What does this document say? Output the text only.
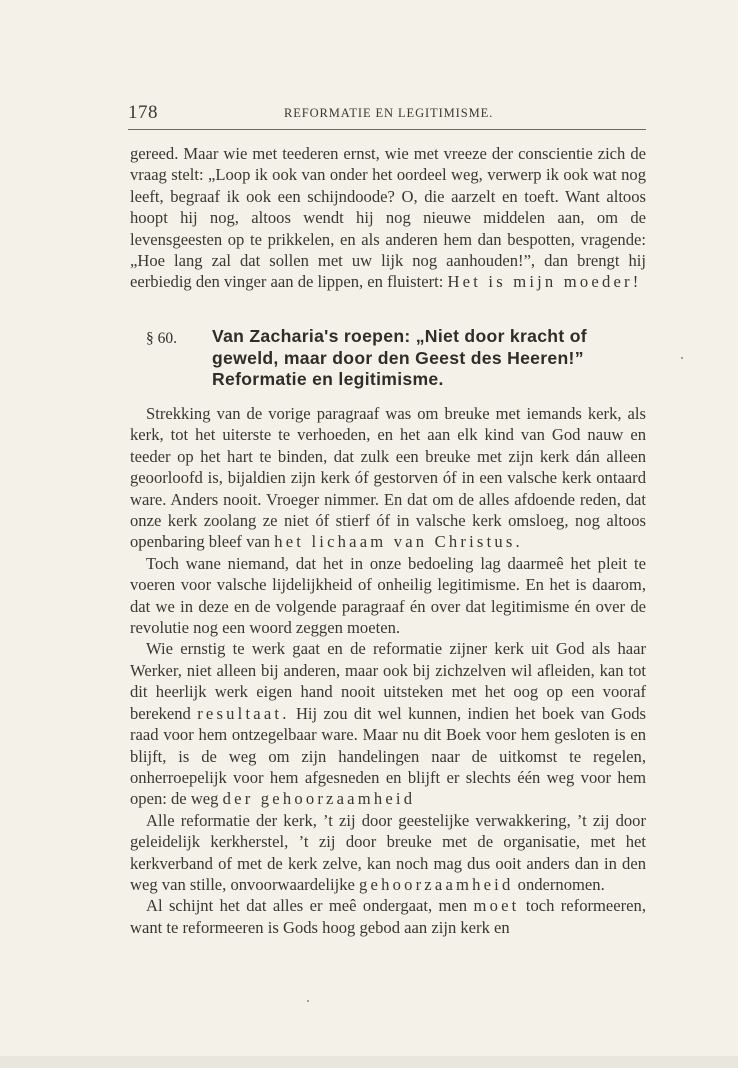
178	REFORMATIE EN LEGITIMISME.

gereed. Maar wie met teederen ernst, wie met vreeze der conscientie zich de vraag stelt: „Loop ik ook van onder het oordeel weg, verwerp ik ook wat nog leeft, begraaf ik ook een schijndoode? O, die aarzelt en toeft. Want altoos hoopt hij nog, altoos wendt hij nog nieuwe middelen aan, om de levensgeesten op te prikkelen, en als anderen hem dan bespotten, vragende: „Hoe lang zal dat sollen met uw lijk nog aanhouden!”, dan brengt hij eerbiedig den vinger aan de lippen, en fluistert: Het is mijn moeder!

§ 60. Van Zacharia's roepen: „Niet door kracht of geweld, maar door den Geest des Heeren!” Reformatie en legitimisme.

Strekking van de vorige paragraaf was om breuke met iemands kerk, als kerk, tot het uiterste te verhoeden, en het aan elk kind van God nauw en teeder op het hart te binden, dat zulk een breuke met zijn kerk dán alleen geoorloofd is, bijaldien zijn kerk óf gestorven óf in een valsche kerk ontaard ware. Anders nooit. Vroeger nimmer. En dat om de alles afdoende reden, dat onze kerk zoolang ze niet óf stierf óf in valsche kerk omsloeg, nog altoos openbaring bleef van het lichaam van Christus.

Toch wane niemand, dat het in onze bedoeling lag daarmeê het pleit te voeren voor valsche lijdelijkheid of onheilig legitimisme. En het is daarom, dat we in deze en de volgende paragraaf én over dat legitimisme én over de revolutie nog een woord zeggen moeten.

Wie ernstig te werk gaat en de reformatie zijner kerk uit God als haar Werker, niet alleen bij anderen, maar ook bij zichzelven wil afleiden, kan tot dit heerlijk werk eigen hand nooit uitsteken met het oog op een vooraf berekend resultaat. Hij zou dit wel kunnen, indien het boek van Gods raad voor hem ontzegelbaar ware. Maar nu dit Boek voor hem gesloten is en blijft, is de weg om zijn handelingen naar de uitkomst te regelen, onherroepelijk voor hem afgesneden en blijft er slechts één weg voor hem open: de weg der gehoorzaamheid

Alle reformatie der kerk, ’t zij door geestelijke verwakkering, ’t zij door geleidelijk kerkherstel, ’t zij door breuke met de organisatie, met het kerkverband of met de kerk zelve, kan noch mag dus ooit anders dan in den weg van stille, onvoorwaardelijke gehoorzaamheid ondernomen.

Al schijnt het dat alles er meê ondergaat, men moet toch reformeeren, want te reformeeren is Gods hoog gebod aan zijn kerk en
